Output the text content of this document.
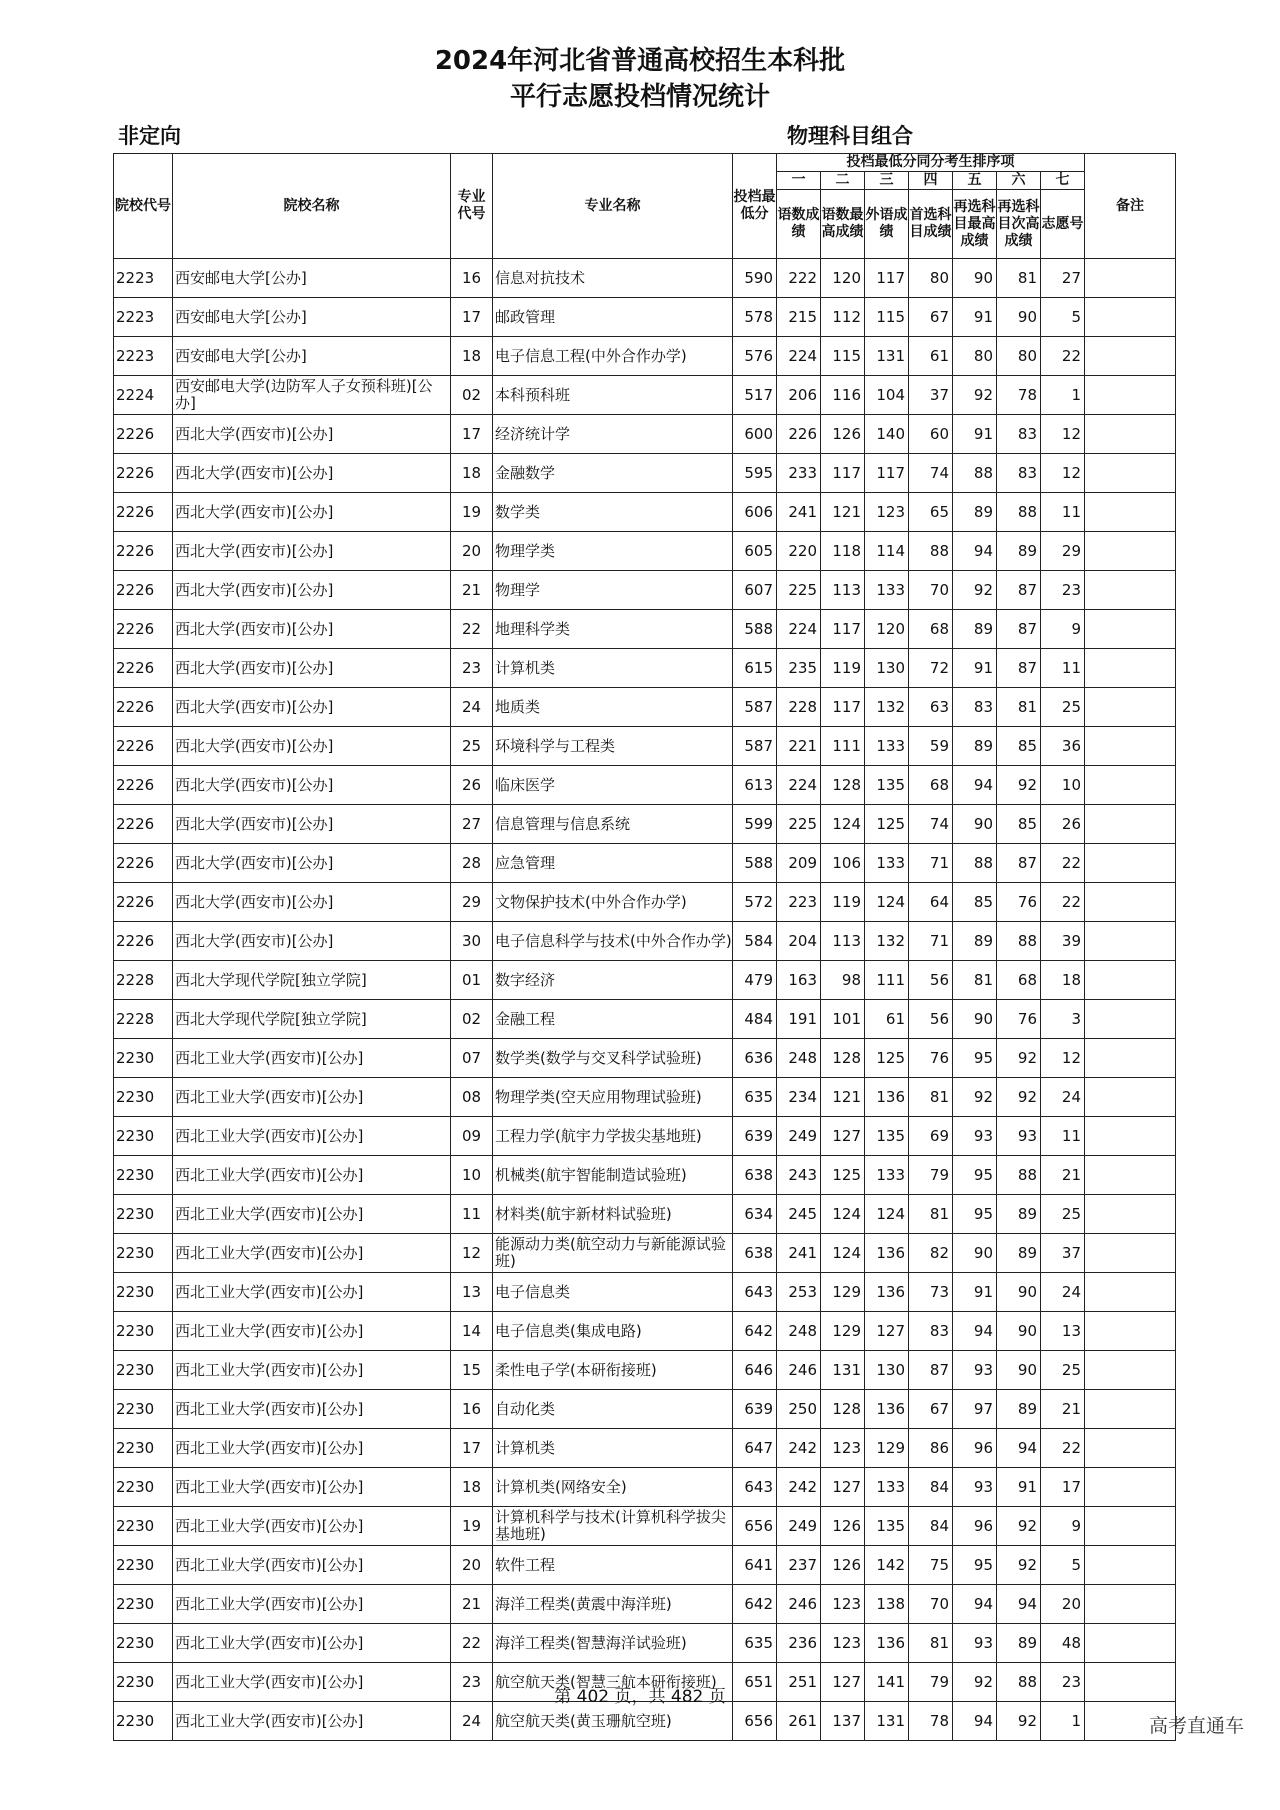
2024年河北省普通高校招生本科批
平行志愿投档情况统计
非定向	物理科目组合
院校代号	院校名称	专业代号	专业名称	投档最低分	投档最低分同分考生排序项							备注
					一	二	三	四	五	六	七	
					语数成绩	语数最高成绩	外语成绩	首选科目成绩	再选科目最高成绩	再选科目次高成绩	志愿号	
2223	西安邮电大学[公办]	16	信息对抗技术	590	222	120	117	80	90	81	27	
2223	西安邮电大学[公办]	17	邮政管理	578	215	112	115	67	91	90	5	
2223	西安邮电大学[公办]	18	电子信息工程(中外合作办学)	576	224	115	131	61	80	80	22	
2224	西安邮电大学(边防军人子女预科班)[公办]	02	本科预科班	517	206	116	104	37	92	78	1	
2226	西北大学(西安市)[公办]	17	经济统计学	600	226	126	140	60	91	83	12	
2226	西北大学(西安市)[公办]	18	金融数学	595	233	117	117	74	88	83	12	
2226	西北大学(西安市)[公办]	19	数学类	606	241	121	123	65	89	88	11	
2226	西北大学(西安市)[公办]	20	物理学类	605	220	118	114	88	94	89	29	
2226	西北大学(西安市)[公办]	21	物理学	607	225	113	133	70	92	87	23	
2226	西北大学(西安市)[公办]	22	地理科学类	588	224	117	120	68	89	87	9	
2226	西北大学(西安市)[公办]	23	计算机类	615	235	119	130	72	91	87	11	
2226	西北大学(西安市)[公办]	24	地质类	587	228	117	132	63	83	81	25	
2226	西北大学(西安市)[公办]	25	环境科学与工程类	587	221	111	133	59	89	85	36	
2226	西北大学(西安市)[公办]	26	临床医学	613	224	128	135	68	94	92	10	
2226	西北大学(西安市)[公办]	27	信息管理与信息系统	599	225	124	125	74	90	85	26	
2226	西北大学(西安市)[公办]	28	应急管理	588	209	106	133	71	88	87	22	
2226	西北大学(西安市)[公办]	29	文物保护技术(中外合作办学)	572	223	119	124	64	85	76	22	
2226	西北大学(西安市)[公办]	30	电子信息科学与技术(中外合作办学)	584	204	113	132	71	89	88	39	
2228	西北大学现代学院[独立学院]	01	数字经济	479	163	98	111	56	81	68	18	
2228	西北大学现代学院[独立学院]	02	金融工程	484	191	101	61	56	90	76	3	
2230	西北工业大学(西安市)[公办]	07	数学类(数学与交叉科学试验班)	636	248	128	125	76	95	92	12	
2230	西北工业大学(西安市)[公办]	08	物理学类(空天应用物理试验班)	635	234	121	136	81	92	92	24	
2230	西北工业大学(西安市)[公办]	09	工程力学(航宇力学拔尖基地班)	639	249	127	135	69	93	93	11	
2230	西北工业大学(西安市)[公办]	10	机械类(航宇智能制造试验班)	638	243	125	133	79	95	88	21	
2230	西北工业大学(西安市)[公办]	11	材料类(航宇新材料试验班)	634	245	124	124	81	95	89	25	
2230	西北工业大学(西安市)[公办]	12	能源动力类(航空动力与新能源试验班)	638	241	124	136	82	90	89	37	
2230	西北工业大学(西安市)[公办]	13	电子信息类	643	253	129	136	73	91	90	24	
2230	西北工业大学(西安市)[公办]	14	电子信息类(集成电路)	642	248	129	127	83	94	90	13	
2230	西北工业大学(西安市)[公办]	15	柔性电子学(本研衔接班)	646	246	131	130	87	93	90	25	
2230	西北工业大学(西安市)[公办]	16	自动化类	639	250	128	136	67	97	89	21	
2230	西北工业大学(西安市)[公办]	17	计算机类	647	242	123	129	86	96	94	22	
2230	西北工业大学(西安市)[公办]	18	计算机类(网络安全)	643	242	127	133	84	93	91	17	
2230	西北工业大学(西安市)[公办]	19	计算机科学与技术(计算机科学拔尖基地班)	656	249	126	135	84	96	92	9	
2230	西北工业大学(西安市)[公办]	20	软件工程	641	237	126	142	75	95	92	5	
2230	西北工业大学(西安市)[公办]	21	海洋工程类(黄震中海洋班)	642	246	123	138	70	94	94	20	
2230	西北工业大学(西安市)[公办]	22	海洋工程类(智慧海洋试验班)	635	236	123	136	81	93	89	48	
2230	西北工业大学(西安市)[公办]	23	航空航天类(智慧三航本研衔接班)	651	251	127	141	79	92	88	23	
2230	西北工业大学(西安市)[公办]	24	航空航天类(黄玉珊航空班)	656	261	137	131	78	94	92	1	
第 402 页，共 482 页
高考直通车
